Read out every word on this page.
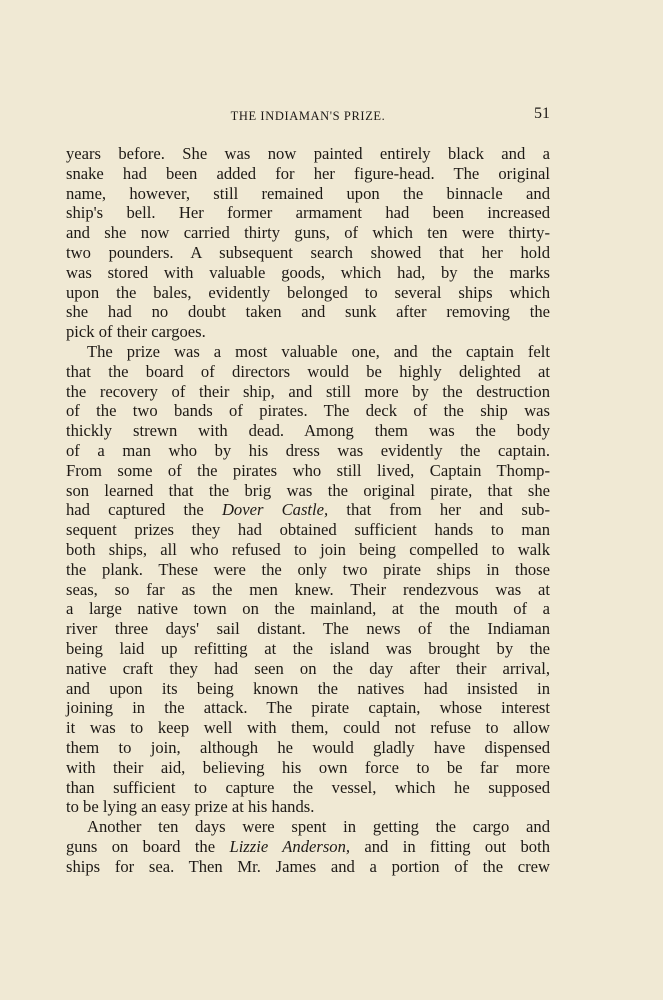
THE INDIAMAN'S PRIZE.	51
years before. She was now painted entirely black and a
snake had been added for her figure-head. The original
name, however, still remained upon the binnacle and
ship's bell. Her former armament had been increased
and she now carried thirty guns, of which ten were thirty-
two pounders. A subsequent search showed that her hold
was stored with valuable goods, which had, by the marks
upon the bales, evidently belonged to several ships which
she had no doubt taken and sunk after removing the
pick of their cargoes.
The prize was a most valuable one, and the captain felt
that the board of directors would be highly delighted at
the recovery of their ship, and still more by the destruction
of the two bands of pirates. The deck of the ship was
thickly strewn with dead. Among them was the body
of a man who by his dress was evidently the captain.
From some of the pirates who still lived, Captain Thomp-
son learned that the brig was the original pirate, that she
had captured the Dover Castle, that from her and sub-
sequent prizes they had obtained sufficient hands to man
both ships, all who refused to join being compelled to walk
the plank. These were the only two pirate ships in those
seas, so far as the men knew. Their rendezvous was at
a large native town on the mainland, at the mouth of a
river three days' sail distant. The news of the Indiaman
being laid up refitting at the island was brought by the
native craft they had seen on the day after their arrival,
and upon its being known the natives had insisted in
joining in the attack. The pirate captain, whose interest
it was to keep well with them, could not refuse to allow
them to join, although he would gladly have dispensed
with their aid, believing his own force to be far more
than sufficient to capture the vessel, which he supposed
to be lying an easy prize at his hands.
Another ten days were spent in getting the cargo and
guns on board the Lizzie Anderson, and in fitting out both
ships for sea. Then Mr. James and a portion of the crew
